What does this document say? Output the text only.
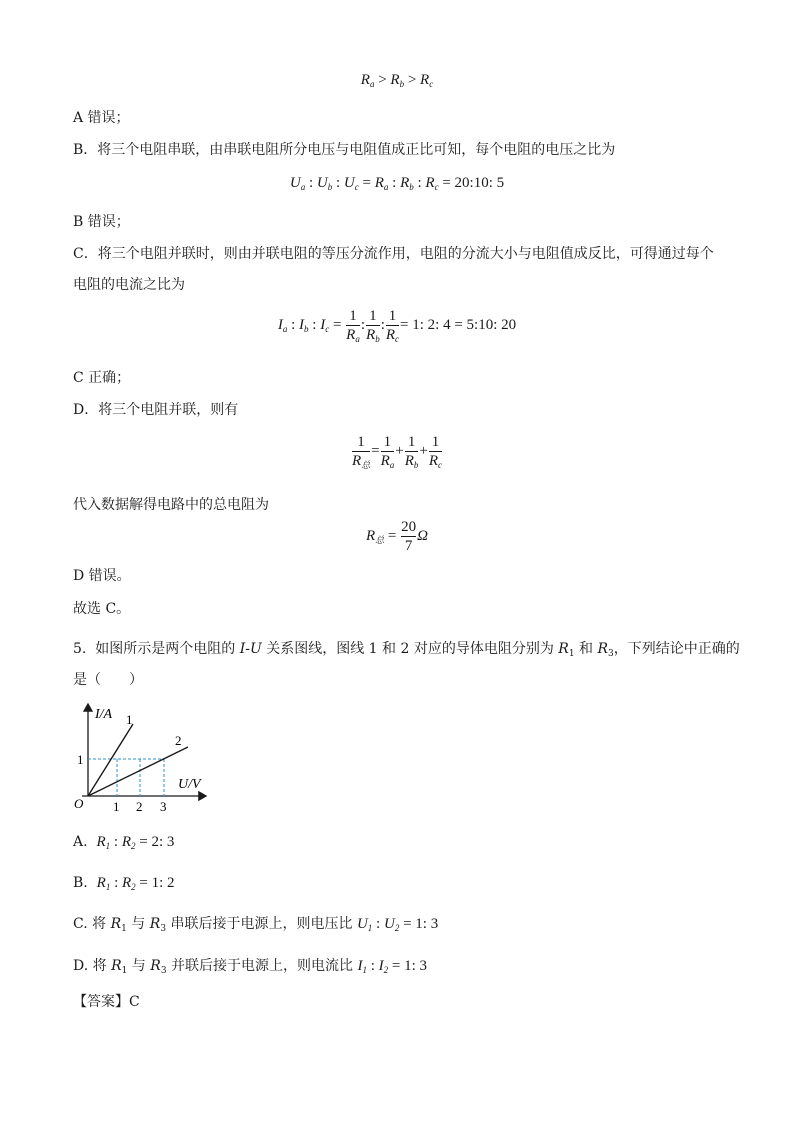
$R_a > R_b > R_c$
A 错误；
B．将三个电阻串联，由串联电阻所分电压与电阻值成正比可知，每个电阻的电压之比为
$U_a$ : $U_b$ : $U_c = R_a$ : $R_b$ : $R_c$ = 20:10: 5
B 错误；
C．将三个电阻并联时，则由并联电阻的等压分流作用，电阻的分流大小与电阻值成反比，可得通过每个
电阻的电流之比为
$I_a$ : $I_b$ : $I_c = \frac{1}{R_a}$ : $\frac{1}{R_b}$ : $\frac{1}{R_c} = 1$: 2: 4 = 5:10: 20
C 正确；
D．将三个电阻并联，则有
$\frac{1}{R_总} = \frac{1}{R_a} + \frac{1}{R_b} + \frac{1}{R_c}$
代入数据解得电路中的总电阻为
$R_总 = \frac{20}{7}$ Ω
D 错误。
故选 C。
5.  如图所示是两个电阻的 I-U 关系图线，图线 1 和 2 对应的导体电阻分别为 $R_1$ 和 $R_3$，下列结论中正确的
是（　　）
I/A
U/V
O
1
1 2 3
1
2
A. $R_1$ : $R_2 = 2$: 3
B. $R_1$ : $R_2 = 1$: 2
C. 将 $R_1$ 与 $R_3$ 串联后接于电源上，则电压比 $U_1$ : $U_2 = 1$: 3
D. 将 $R_1$ 与 $R_3$ 并联后接于电源上，则电流比 $I_1$ : $I_2 = 1$: 3
【答案】C
